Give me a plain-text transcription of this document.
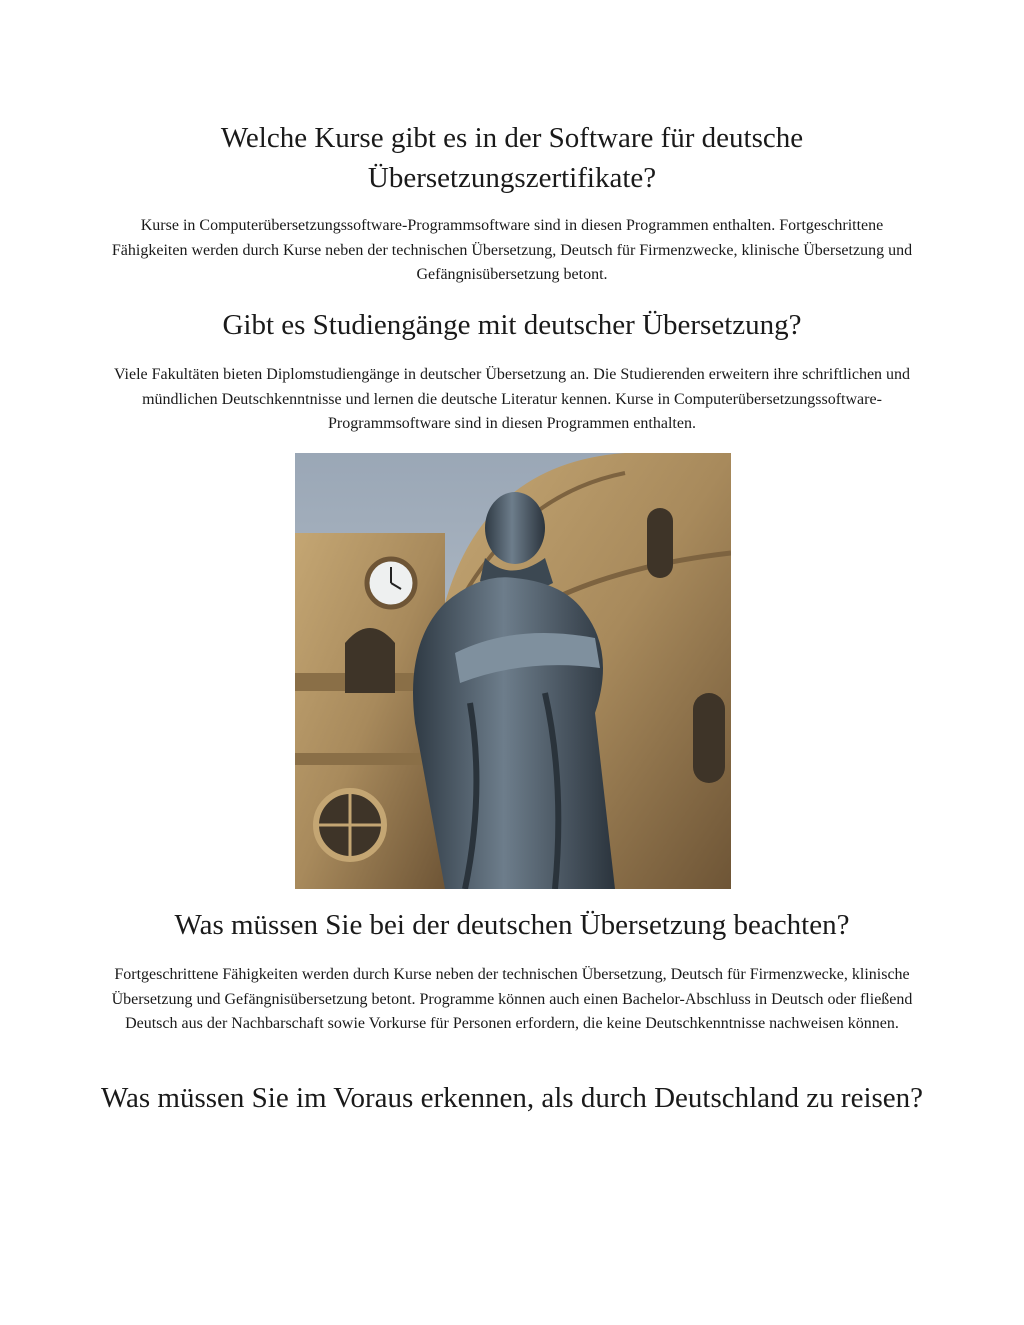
Welche Kurse gibt es in der Software für deutsche Übersetzungszertifikate?

Kurse in Computerübersetzungssoftware-Programmsoftware sind in diesen Programmen enthalten. Fortgeschrittene Fähigkeiten werden durch Kurse neben der technischen Übersetzung, Deutsch für Firmenzwecke, klinische Übersetzung und Gefängnisübersetzung betont.

Gibt es Studiengänge mit deutscher Übersetzung?

Viele Fakultäten bieten Diplomstudiengänge in deutscher Übersetzung an. Die Studierenden erweitern ihre schriftlichen und mündlichen Deutschkenntnisse und lernen die deutsche Literatur kennen. Kurse in Computerübersetzungssoftware-Programmsoftware sind in diesen Programmen enthalten.

Was müssen Sie bei der deutschen Übersetzung beachten?

Fortgeschrittene Fähigkeiten werden durch Kurse neben der technischen Übersetzung, Deutsch für Firmenzwecke, klinische Übersetzung und Gefängnisübersetzung betont. Programme können auch einen Bachelor-Abschluss in Deutsch oder fließend Deutsch aus der Nachbarschaft sowie Vorkurse für Personen erfordern, die keine Deutschkenntnisse nachweisen können.

Was müssen Sie im Voraus erkennen, als durch Deutschland zu reisen?
